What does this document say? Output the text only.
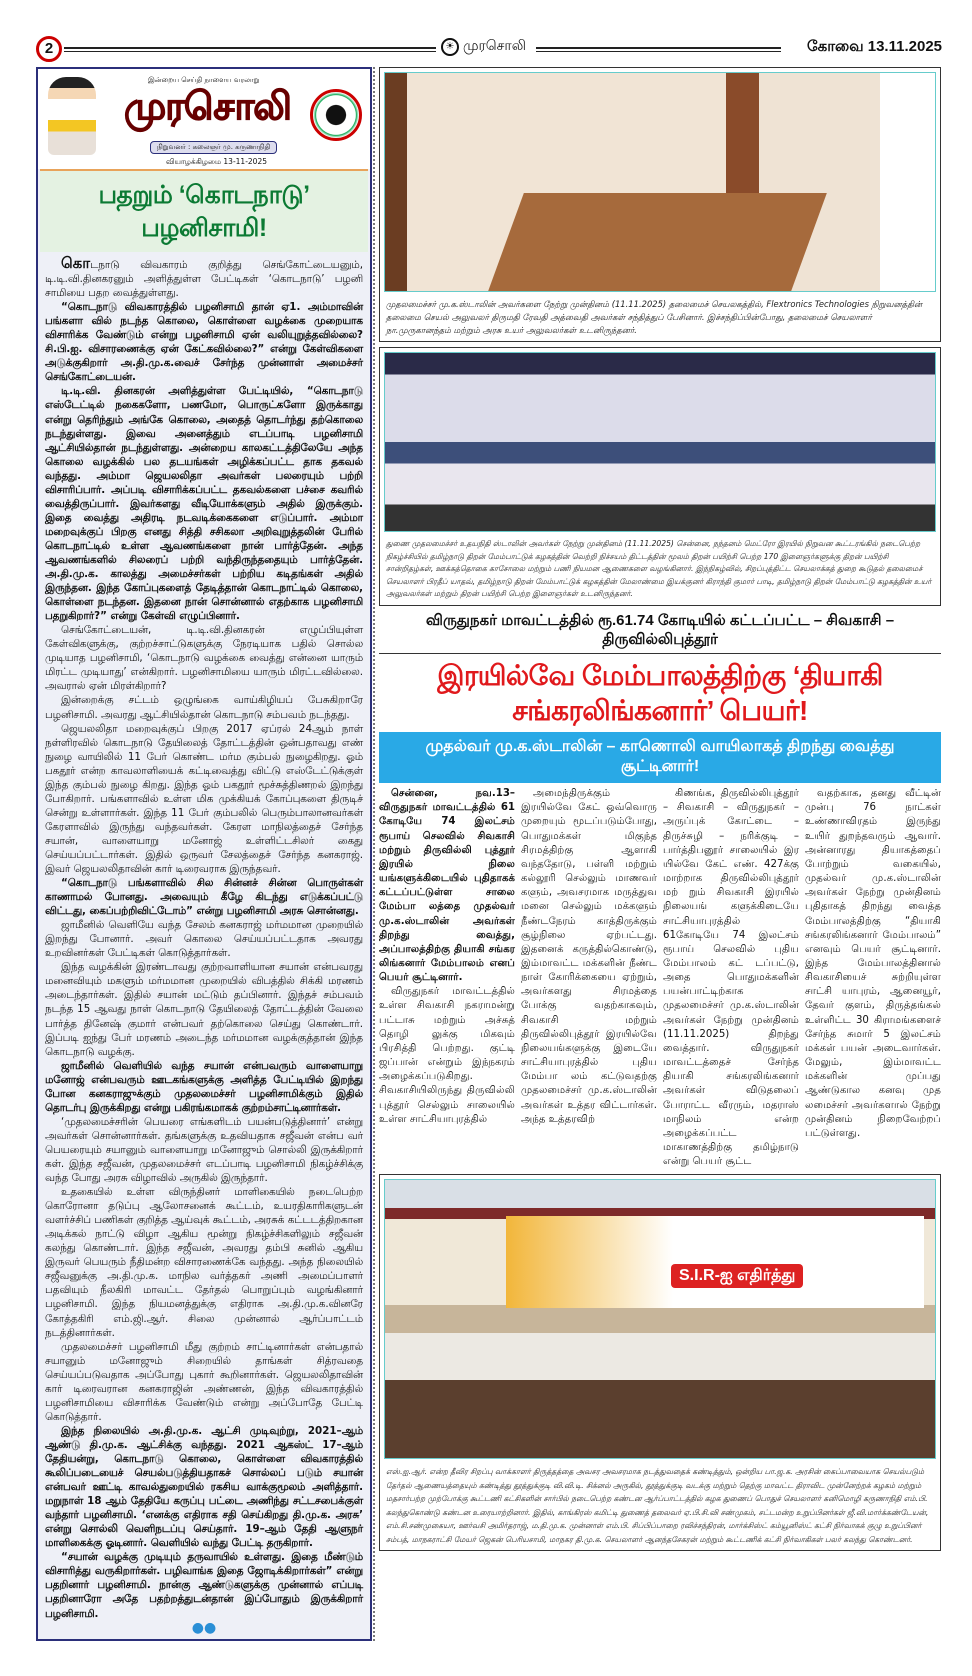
2	☀ முரசொலி	கோவை 13.11.2025
இன்றைய செய்தி நாளைய வரலாறு
முரசொலி
நிறுவனர் : கலைஞர் மு. கருணாநிதி
வியாழக்கிழமை 13-11-2025
பதறும் ‘கொடநாடு’ பழனிசாமி!

கொடநாடு விவகாரம் குறித்து செங்கோட்டையனும், டி.டி.வி.தினகரனும் அளித்துள்ள பேட்டிகள் ‘கொடநாடு’ பழனி சாமியை பதற வைத்துள்ளது.

“கொடநாடு விவகாரத்தில் பழனிசாமி தான் ஏ1. அம்மாவின் பங்களா வில் நடந்த கொலை, கொள்ளை வழக்கை முறையாக விசாரிக்க வேண்டும் என்று பழனிசாமி ஏன் வலியுறுத்தவில்லை? சி.பி.ஐ. விசாரணைக்கு ஏன் கேட்கவில்லை?” என்று கேள்விகளை அடுக்குகிறார் அ.தி.மு.க.வைச் சேர்ந்த முன்னாள் அமைச்சர் செங்கோட்டையன்.

டி.டி.வி. தினகரன் அளித்துள்ள பேட்டியில், “கொடநாடு எஸ்டேட்டில் நகைகளோ, பணமோ, பொருட்களோ இருக்காது என்று தெரிந்தும் அங்கே கொலை, அதைத் தொடர்ந்து தற்கொலை நடந்துள்ளது. இவை அனைத்தும் எடப்பாடி பழனிசாமி ஆட்சியில்தான் நடந்துள்ளது. அன்றைய காலகட்டத்திலேயே அந்த கொலை வழக்கில் பல தடயங்கள் அழிக்கப்பட்ட தாக தகவல் வந்தது. அம்மா ஜெயலலிதா அவர்கள் பலரையும் பற்றி விசாரிப்பார். அப்படி விசாரிக்கப்பட்ட தகவல்களை பச்சை கவரில் வைத்திருப்பார். இவர்களது வீடியோக்களும் அதில் இருக்கும். இதை வைத்து அதிரடி நடவடிக்கைகளை எடுப்பார். அம்மா மறைவுக்குப் பிறகு எனது சித்தி சசிகலா அறிவுறுத்தலின் பேரில் கொடநாட்டில் உள்ள ஆவணங்களை நான் பார்த்தேன். அந்த ஆவணங்களில் சிலரைப் பற்றி வந்திருந்ததையும் பார்த்தேன். அ.தி.மு.க. காலத்து அமைச்சர்கள் பற்றிய கடிதங்கள் அதில் இருந்தன. இந்த கோப்புகளைத் தேடித்தான் கொடநாட்டில் கொலை, கொள்ளை நடந்தன. இதனை நான் சொன்னால் எதற்காக பழனிசாமி பதறுகிறார்?” என்று கேள்வி எழுப்பினார்.

செங்கோட்டையன், டி.டி.வி.தினகரன் எழுப்பியுள்ள கேள்விகளுக்கு, குற்றச்சாட்டுகளுக்கு நேரடியாக பதில் சொல்ல முடியாத பழனிசாமி, ‘கொடநாடு வழக்கை வைத்து என்னை யாரும் மிரட்ட முடியாது’ என்கிறார். பழனிசாமியை யாரும் மிரட்டவில்லை. அவரால் ஏன் மிரள்கிறார்?

இன்றைக்கு சட்டம் ஒழுங்கை வாய்கிழியப் பேசுகிறாரே பழனிசாமி. அவரது ஆட்சியில்தான் கொடநாடு சம்பவம் நடந்தது.

ஜெயலலிதா மறைவுக்குப் பிறகு 2017 ஏப்ரல் 24ஆம் நாள் நள்ளிரவில் கொடநாடு தேயிலைத் தோட்டத்தின் ஒன்பதாவது எண் நுழை வாயிலில் 11 பேர் கொண்ட மர்ம கும்பல் நுழைகிறது. ஓம் பகதூர் என்ற காவலாளியைக் கட்டிவைத்து விட்டு எஸ்டேட்டுக்குள் இந்த கும்பல் நுழை கிறது. இந்த ஓம் பகதூர் மூச்சுத்திணறல் இறந்து போகிறார். பங்களாவில் உள்ள மிக முக்கியக் கோப்புகளை திருடிச் சென்று உள்ளார்கள். இந்த 11 பேர் கும்பலில் பெரும்பாலானவர்கள் கேரளாவில் இருந்து வந்தவர்கள். கேரள மாநிலத்தைச் சேர்ந்த சயான், வாளையாறு மனோஜ் உள்ளிட்டசிலர் கைது செய்யப்பட்டார்கள். இதில் ஒருவர் சேலத்தைச் சேர்ந்த கனகராஜ். இவர் ஜெயலலிதாவின் கார் டிரைவராக இருந்தவர்.

“கொடநாடு பங்களாவில் சில சின்னச் சின்ன பொருள்கள் காணாமல் போனது. அவையும் கீழே கிடந்து எடுக்கப்பட்டு விட்டது, கைப்பற்றிவிட்டோம்” என்று பழனிசாமி அரசு சொன்னது.

ஜாமீனில் வெளியே வந்த சேலம் கனகராஜ் மர்மமான முறையில் இறந்து போனார். அவர் கொலை செய்யப்பட்டதாக அவரது உறவினர்கள் பேட்டிகள் கொடுத்தார்கள்.

இந்த வழக்கின் இரண்டாவது குற்றவாளியான சயான் என்பவரது மனைவியும் மகளும் மர்மமான முறையில் விபத்தில் சிக்கி மரணம் அடைந்தார்கள். இதில் சயான் மட்டும் தப்பினார். இந்தச் சம்பவம் நடந்த 15 ஆவது நாள் கொடநாடு தேயிலைத் தோட்டத்தின் வேலை பார்த்த தினேஷ் குமார் என்பவர் தற்கொலை செய்து கொண்டார். இப்படி ஐந்து பேர் மரணம் அடைந்த மர்மமான வழக்குத்தான் இந்த கொடநாடு வழக்கு.

ஜாமீனில் வெளியில் வந்த சயான் என்பவரும் வாளையாறு மனோஜ் என்பவரும் ஊடகங்களுக்கு அளித்த பேட்டியில் இறந்து போன கனகராஜுக்கும் முதலமைச்சர் பழனிசாமிக்கும் இதில் தொடர்பு இருக்கிறது என்று பகிரங்கமாகக் குற்றம்சாட்டினார்கள்.

‘முதலமைச்சரின் பெயரை எங்களிடம் பயன்படுத்தினார்’ என்று அவர்கள் சொன்னார்கள். தங்களுக்கு உதவியதாக சஜீவன் என்ப வர் பெயரையும் சயானும் வாளையாறு மனோஜும் சொல்லி இருக்கிறார் கள். இந்த சஜீவன், முதலமைச்சர் எடப்பாடி பழனிசாமி நிகழ்ச்சிக்கு வந்த போது அரசு விழாவில் அருகில் இருந்தார்.

உதகையில் உள்ள விருந்தினர் மாளிகையில் நடைபெற்ற கொரோனா தடுப்பு ஆலோசனைக் கூட்டம், உயரதிகாரிகளுடன் வளர்ச்சிப் பணிகள் குறித்த ஆய்வுக் கூட்டம், அரசுக் கட்டடத்திறகான அடிக்கல் நாட்டு விழா ஆகிய மூன்று நிகழ்ச்சிகளிலும் சஜீவன் கலந்து கொண்டார். இந்த சஜீவன், அவரது தம்பி சுனில் ஆகிய இருவர் பெயரும் நீதிமன்ற விசாரணைக்கே வந்தது. அந்த நிலையில் சஜீவனுக்கு அ.தி.மு.க. மாநில வர்த்தகர் அணி அமைப்பாளர் பதவியும் நீலகிரி மாவட்ட தேர்தல் பொறுப்பும் வழங்கினார் பழனிசாமி. இந்த நியமனத்துக்கு எதிராக அ.தி.மு.க.வினரே கோத்தகிரி எம்.ஜி.ஆர். சிலை முன்னால் ஆர்ப்பாட்டம் நடத்தினார்கள்.

முதலமைச்சர் பழனிசாமி மீது குற்றம் சாட்டினார்கள் என்பதால் சயானும் மனோஜும் சிறையில் தாங்கள் சித்ரவதை செய்யப்படுவதாக அப்போது புகார் கூறினார்கள். ஜெயலலிதாவின் கார் டிரைவரான கனகராஜின் அண்ணன், இந்த விவகாரத்தில் பழனிசாமியை விசாரிக்க வேண்டும் என்று அப்போதே பேட்டி கொடுத்தார்.

இந்த நிலையில் அ.தி.மு.க. ஆட்சி முடிவுற்று, 2021–ஆம் ஆண்டு தி.மு.க. ஆட்சிக்கு வந்தது. 2021 ஆகஸ்ட் 17–ஆம் தேதியன்று, கொடநாடு கொலை, கொள்ளை விவகாரத்தில் கூலிப்படையைச் செயல்படுத்தியதாகச் சொல்லப் படும் சயான் என்பவர் ஊட்டி காவல்துறையில் ரகசிய வாக்குமூலம் அளித்தார். மறுநாள் 18 ஆம் தேதியே கருப்பு பட்டை அணிந்து சட்டசபைக்குள் வந்தார் பழனிசாமி. ‘எனக்கு எதிராக சதி செய்கிறது தி.மு.க. அரசு’ என்று சொல்லி வெளிநடப்பு செய்தார். 19–ஆம் தேதி ஆளுநர் மாளிகைக்கு ஓடினார். வெளியில் வந்து பேட்டி தருகிறார்.

“சயான் வழக்கு முடியும் தருவாயில் உள்ளது. இதை மீண்டும் விசாரித்து வருகிறார்கள். பழிவாங்க இதை ஜோடிக்கிறார்கள்” என்று பதறினார் பழனிசாமி. நான்கு ஆண்டுகளுக்கு முன்னால் எப்படி பதறினாரோ அதே பதற்றத்துடன்தான் இப்போதும் இருக்கிறார் பழனிசாமி.

●●
முதலமைச்சர் மு.க.ஸ்டாலின் அவர்களை நேற்று முன்தினம் (11.11.2025) தலைமைச் செயலகத்தில், Flextronics Technologies நிறுவனத்தின் தலைமை செயல் அலுவலர் திருமதி ரேவதி அத்வைதி அவர்கள் சந்தித்துப் பேசினார். இச்சந்திப்பின்போது, தலைமைச் செயலாளர் நா.முருகானந்தம் மற்றும் அரசு உயர் அலுவலர்கள் உடனிருந்தனர்.
துணை முதலமைச்சர் உதயநிதி ஸ்டாலின் அவர்கள் நேற்று முன்தினம் (11.11.2025) சென்னை, நந்தனம் மெட்ரோ இரயில் நிறுவன கூட்டரங்கில் நடைபெற்ற நிகழ்ச்சியில் தமிழ்நாடு திறன் மேம்பாட்டுக் கழகத்தின் வெற்றி நிச்சயம் திட்டத்தின் மூலம் திறன் பயிற்சி பெற்ற 170 இளைஞர்களுக்கு திறன் பயிற்சி சான்றிதழ்கள், ஊக்கத்தொகை காசோலை மற்றும் பணி நியமன ஆணைகளை வழங்கினார். இந்நிகழ்வில், சிறப்புத்திட்ட செயலாக்கத் துறை கூடுதல் தலைமைச் செயலாளர் பிரதீப் யாதவ், தமிழ்நாடு திறன் மேம்பாட்டுக் கழகத்தின் மேலாண்மை இயக்குனர் கிராந்தி குமார் பாடி, தமிழ்நாடு திறன் மேம்பாட்டு கழகத்தின் உயர் அலுவலர்கள் மற்றும் திறன் பயிற்சி பெற்ற இளைஞர்கள் உடனிருந்தனர்.
விருதுநகர் மாவட்டத்தில் ரூ.61.74 கோடியில் கட்டப்பட்ட – சிவகாசி – திருவில்லிபுத்தூர்
இரயில்வே மேம்பாலத்திற்கு ‘தியாகி சங்கரலிங்கனார்’ பெயர்!
முதல்வர் மு.க.ஸ்டாலின் – காணொலி வாயிலாகத் திறந்து வைத்து சூட்டினார்!

சென்னை, நவ.13– விருதுநகர் மாவட்டத்தில் 61 கோடியே 74 இலட்சம் ரூபாய் செலவில் சிவகாசி மற்றும் திருவில்லி புத்தூர் இரயில் நிலை யங்களுக்கிடையில் புதிதாகக் கட்டப்பட்டுள்ள சாலை மேம்பா லத்தை முதல்வர் மு.க.ஸ்டாலின் அவர்கள் திறந்து வைத்து, அப்பாலத்திற்கு தியாகி சங்கர லிங்கனார் மேம்பாலம் எனப் பெயர் சூட்டினார்.

விருதுநகர் மாவட்டத்தில் உள்ள சிவகாசி நகராமன்று பட்டாசு மற்றும் அச்சுத் தொழி லுக்கு மிகவும் பிரசித்தி பெற்றது. குட்டி ஜப்பான் என்றும் இந்நகரம் அழைக்கப்படுகிறது. சிவகாசியிலிருந்து திருவில்லி புத்தூர் செல்லும் சாலையில் உள்ள சாட்சியாபுரத்தில்

அமைந்திருக்கும் இரயில்வே கேட் ஒவ்வொரு முறையும் மூடப்படும்போது, பொதுமக்கள் மிகுந்த சிரமத்திற்கு ஆளாகி வந்ததோடு, பள்ளி மற்றும் கல்லூரி செல்லும் மாணவர் களும், அவசரமாக மருத்துவ மனை செல்லும் மக்களும் நீண்டநேரம் காத்திருக்கும் சூழ்நிலை ஏற்பட்டது. இதனைக் கருத்தில்கொண்டு, இம்மாவட்ட மக்களின் நீண்ட நாள் கோரிக்கையை ஏற்றும், அவர்களது சிரமத்தை போக்கு வதற்காகவும், சிவகாசி மற்றும் திருவில்லிபுத்தூர் இரயில்வே நிலையங்களுக்கு இடையே சாட்சியாபுரத்தில் புதிய மேம்பா லம் கட்டுவதற்கு முதலமைச்சர் மு.க.ஸ்டாலின் அவர்கள் உத்தர விட்டார்கள். அந்த உத்தரவிற்

கிணங்க, திருவில்லிபுத்தூர் – சிவகாசி – விருதுநகர் – அருப்புக் கோட்டை – திருச்சுழி – நரிக்குடி – பார்த்திபனூர் சாலையில் இர யில்வே கேட் எண். 427க்கு மாற்றாக திருவில்லிபுத்தூர் மற் றும் சிவகாசி இரயில் நிலையங் களுக்கிடையே சாட்சியாபுரத்தில் 61கோடியே 74 இலட்சம் ரூபாய் செலவில் புதிய மேம்பாலம் கட் டப்பட்டு, அதை பொதுமக்களின் பயன்பாட்டிற்காக முதலமைச்சர் மு.க.ஸ்டாலின் அவர்கள் நேற்று முன்தினம் (11.11.2025) திறந்து வைத்தார். விருதுநகர் மாவட்டத்தைச் சேர்ந்த தியாகி சங்கரலிங்கனார் அவர்கள் விடுதலைப் போராட்ட வீரரும், மதராஸ் மாநிலம் என்ற அழைக்கப்பட்ட மாகாணத்திற்கு தமிழ்நாடு என்று பெயர் சூட்ட

வதற்காக, தனது வீட்டின் முன்பு 76 நாட்கள் உண்ணாவிரதம் இருந்து உயிர் துறந்தவரும் ஆவார். அன்னாரது தியாகத்தைப் போற்றும் வகையில், முதல்வர் மு.க.ஸ்டாலின் அவர்கள் நேற்று முன்தினம் புதிதாகத் திறந்து வைத்த மேம்பாலத்திற்கு “தியாகி சங்கரலிங்கனார் மேம்பாலம்” எனவும் பெயர் சூட்டினார். இந்த மேம்பாலத்தினால் சிவகாசியைச் சுற்றியுள்ள சாட்சி யாபுரம், ஆனையூர், தேவர் குளம், திருத்தங்கல் உள்ளிட்ட 30 கிராமங்களைச் சேர்ந்த சுமார் 5 இலட்சம் மக்கள் பயன் அடைவார்கள். மேலும், இம்மாவட்ட மக்களின் முப்பது ஆண்டுகால கனவு முத லமைச்சர் அவர்களால் நேற்று முன்தினம் நிறைவேற்றப் பட்டுள்ளது.

S.I.R-ஐ எதிர்த்து
எஸ்.ஐ.ஆர். என்ற தீவிர சிறப்பு வாக்காளர் திருத்தத்தை அவசர அவசரமாக நடத்துவதைக் கண்டித்தும், ஒன்றிய பா.ஜ.க. அரசின் கைப்பாவையாக செயல்படும் தேர்தல் ஆணையத்தையும் கண்டித்து தூத்துக்குடி வி.வி.டி. சிக்னல் அருகில், தூத்துக்குடி வடக்கு மற்றும் தெற்கு மாவட்ட திராவிட முன்னேற்றக் கழகம் மற்றும் மதசார்பற்ற முற்போக்கு கூட்டணி கட்சிகளின் சார்பில் நடைபெற்ற கண்டன ஆர்ப்பாட்டத்தில் கழக துணைப் பொதுச் செயலாளர் கனிமொழி கருணாநிதி எம்.பி. கலந்துகொண்டு கண்டன உரையாற்றினார். இதில், காங்கிரஸ் கமிட்டி துணைத் தலைவர் ஏ.பி.சி.வி சண்முகம், சட்டமன்ற உறுப்பினர்கள் ஜீ.வி.மார்க்கண்டேயன், எம்.சி.சண்முகையா, ஊர்வசி அமிர்தராஜ், ம.தி.மு.க. முன்னாள் எம்.பி. சிப்பிப்பாறை ரவிச்சந்திரன், மார்க்சிஸ்ட் கம்யூனிஸ்ட் கட்சி நிர்வாகக் குழு உறுப்பினர் சம்பத், மாநகராட்சி மேயர் ஜெகன் பெரியசாமி, மாநகர தி.மு.க. செயலாளர் ஆனந்தசேகரன் மற்றும் கூட்டணிக் கட்சி நிர்வாகிகள் பலர் கலந்து கொண்டனர்.
